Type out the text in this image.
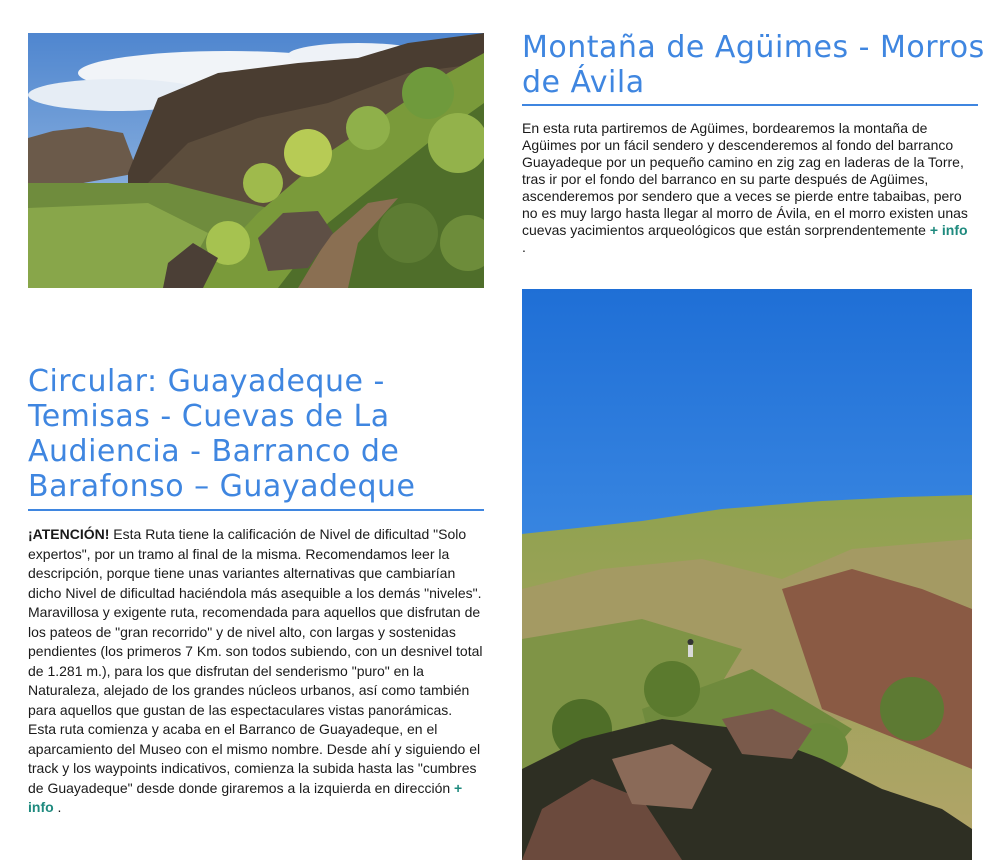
Montaña de Agüimes - Morros de Ávila

En esta ruta partiremos de Agüimes, bordearemos la montaña de Agüimes por un fácil sendero y descenderemos al fondo del barranco Guayadeque por un pequeño camino en zig zag en laderas de la Torre, tras ir por el fondo del barranco en su parte después de Agüimes, ascenderemos por sendero que a veces se pierde entre tabaibas, pero no es muy largo hasta llegar al morro de Ávila, en el morro existen unas cuevas yacimientos arqueológicos que están sorprendentemente + info .

Circular: Guayadeque - Temisas - Cuevas de La Audiencia - Barranco de Barafonso – Guayadeque

¡ATENCIÓN! Esta Ruta tiene la calificación de Nivel de dificultad "Solo expertos", por un tramo al final de la misma. Recomendamos leer la descripción, porque tiene unas variantes alternativas que cambiarían dicho Nivel de dificultad haciéndola más asequible a los demás "niveles". Maravillosa y exigente ruta, recomendada para aquellos que disfrutan de los pateos de "gran recorrido" y de nivel alto, con largas y sostenidas pendientes (los primeros 7 Km. son todos subiendo, con un desnivel total de 1.281 m.), para los que disfrutan del senderismo "puro" en la Naturaleza, alejado de los grandes núcleos urbanos, así como también para aquellos que gustan de las espectaculares vistas panorámicas. Esta ruta comienza y acaba en el Barranco de Guayadeque, en el aparcamiento del Museo con el mismo nombre. Desde ahí y siguiendo el track y los waypoints indicativos, comienza la subida hasta las "cumbres de Guayadeque" desde donde giraremos a la izquierda en dirección + info .
